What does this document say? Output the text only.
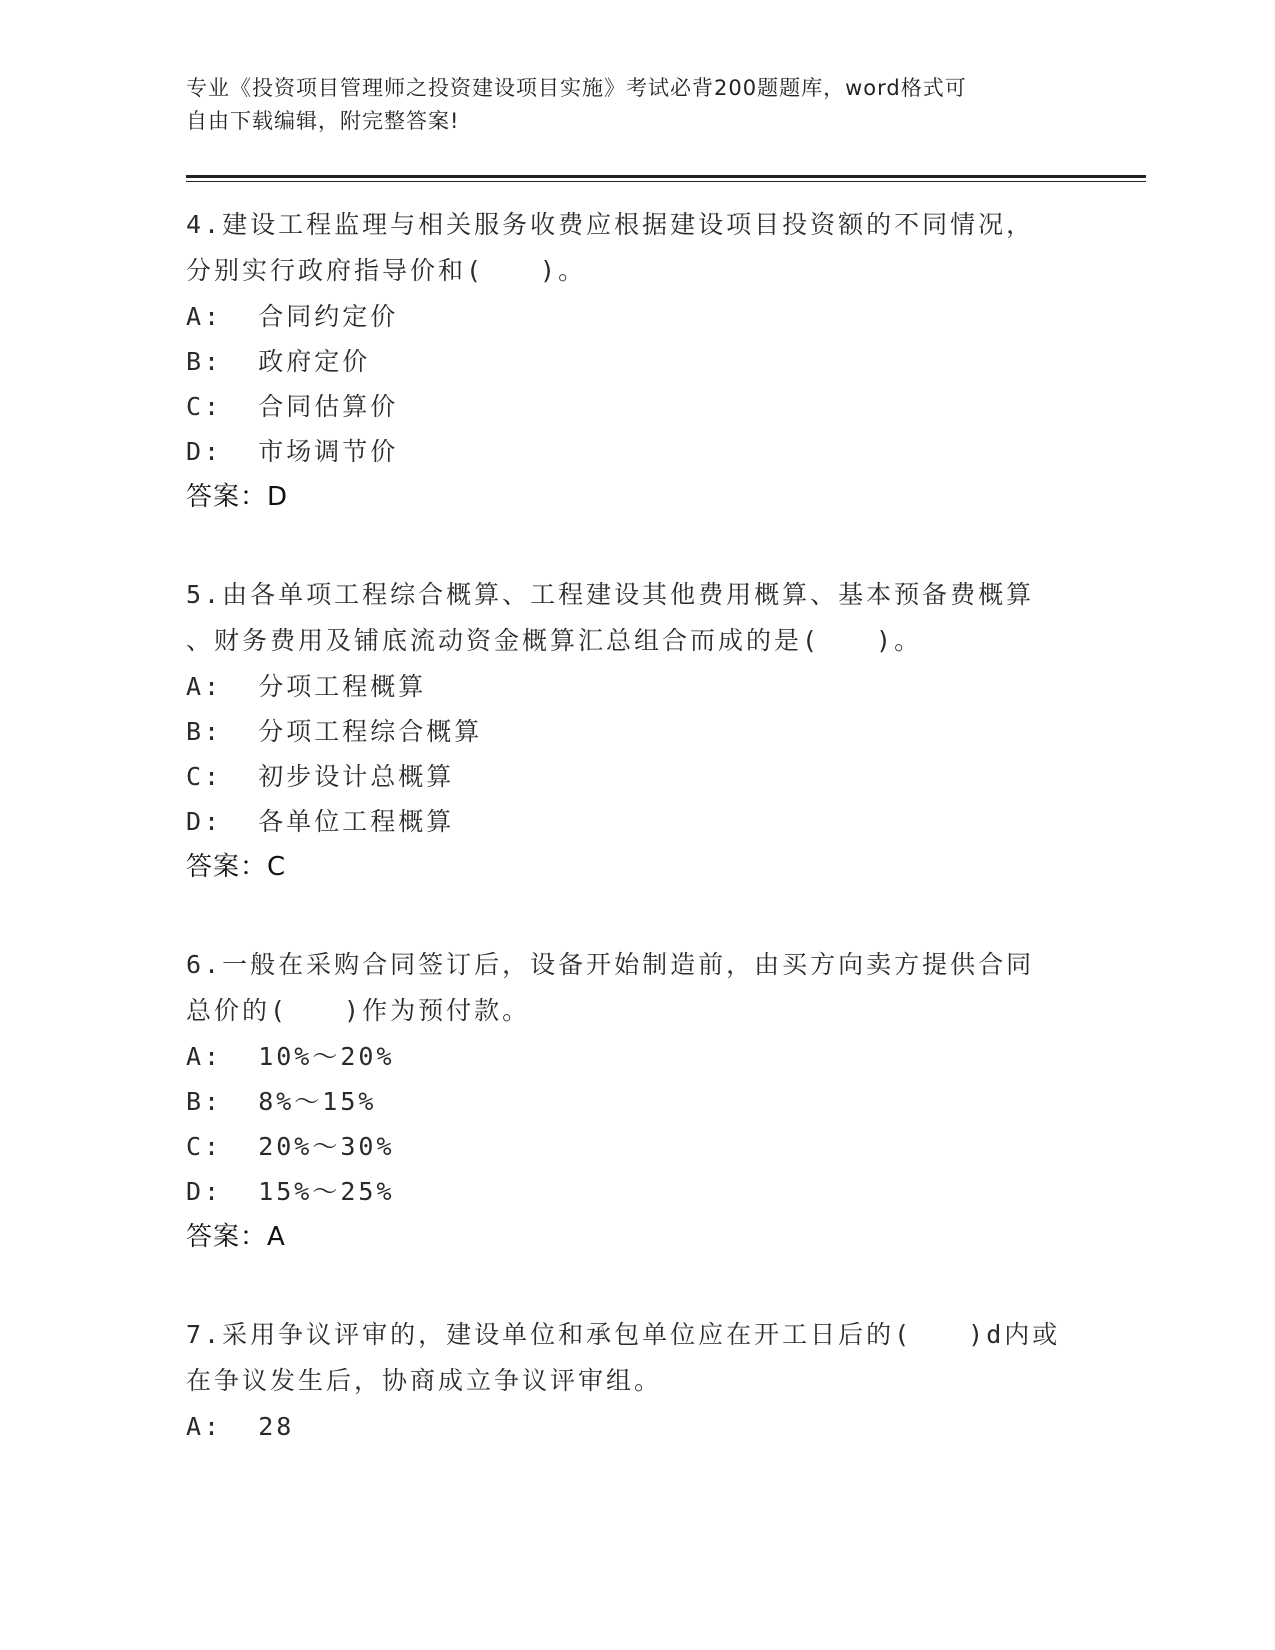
专业《投资项目管理师之投资建设项目实施》考试必背200题题库，word格式可
自由下载编辑，附完整答案!
4.建设工程监理与相关服务收费应根据建设项目投资额的不同情况，
分别实行政府指导价和(　　)。
A:  合同约定价
B:  政府定价
C:  合同估算价
D:  市场调节价
答案：D
5.由各单项工程综合概算、工程建设其他费用概算、基本预备费概算
、财务费用及铺底流动资金概算汇总组合而成的是(　　)。
A:  分项工程概算
B:  分项工程综合概算
C:  初步设计总概算
D:  各单位工程概算
答案：C
6.一般在采购合同签订后，设备开始制造前，由买方向卖方提供合同
总价的(　　)作为预付款。
A:  10%～20%
B:  8%～15%
C:  20%～30%
D:  15%～25%
答案：A
7.采用争议评审的，建设单位和承包单位应在开工日后的(　　)d内或
在争议发生后，协商成立争议评审组。
A:  28
